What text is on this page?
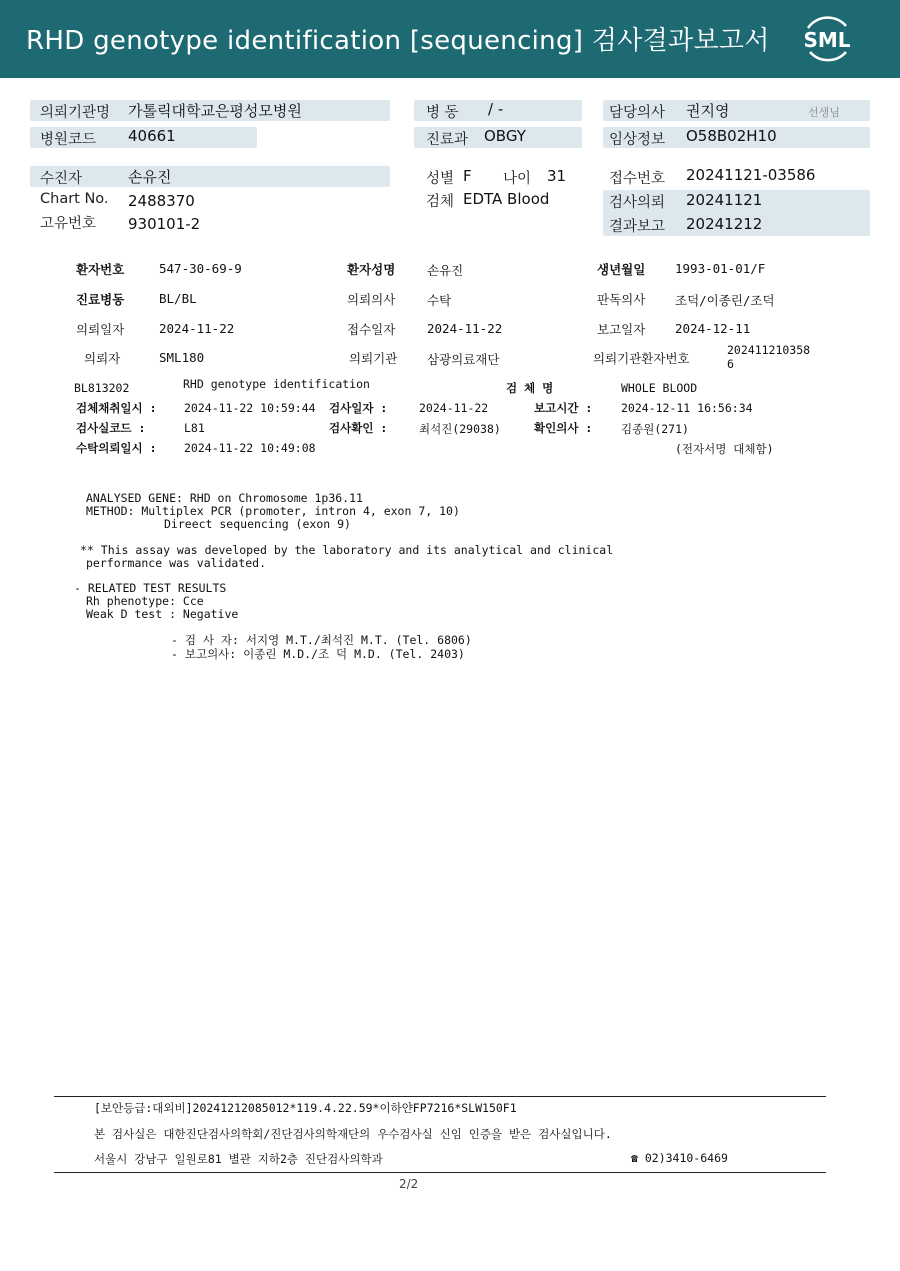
RHD genotype identification [sequencing] 검사결과보고서 SML
의뢰기관명 가톨릭대학교은평성모병원	병 동 / -	담당의사 권지영	선생님
병원코드 40661	진료과 OBGY	임상정보 O58B02H10
수진자	손유진	성별 F 나이 31	접수번호 20241121-03586
Chart No. 2488370	검체 EDTA Blood	검사의뢰 20241121
고유번호 930101-2	결과보고 20241212
환자번호	547-30-69-9	환자성명	손유진	생년월일 1993-01-01/F
진료병동	BL/BL	의뢰의사	수탁	판독의사 조덕/이종린/조덕
의뢰일자	2024-11-22	접수일자	2024-11-22	보고일자 2024-12-11
의뢰자	SML180	의뢰기관 삼광의료재단	의뢰기관환자번호
202411210358
6
BL813202	RHD genotype identification	검 체 명	WHOLE BLOOD
검체채취일시 : 2024-11-22 10:59:44 검사일자 :	2024-11-22	보고시간 : 2024-12-11 16:56:34
검사실코드 :	L81	검사확인 :	최석진(29038)	확인의사 : 김종원(271)
수탁의뢰일시 : 2024-11-22 10:49:08	(전자서명 대체함)
ANALYSED GENE: RHD on Chromosome 1p36.11
METHOD: Multiplex PCR (promoter, intron 4, exon 7, 10)
Direect sequencing (exon 9)
** This assay was developed by the laboratory and its analytical and clinical
performance was validated.
- RELATED TEST RESULTS
Rh phenotype: Cce
Weak D test : Negative
- 검 사 자: 서지영 M.T./최석진 M.T. (Tel. 6806)
- 보고의사: 이종린 M.D./조 덕 M.D. (Tel. 2403)
[보안등급:대외비]20241212085012*119.4.22.59*이하얀FP7216*SLW150F1
본 검사실은 대한진단검사의학회/진단검사의학재단의 우수검사실 신임 인증을 받은 검사실입니다.
서울시 강남구 일원로81 별관 지하2층 진단검사의학과	☎ 02)3410-6469
2/2
